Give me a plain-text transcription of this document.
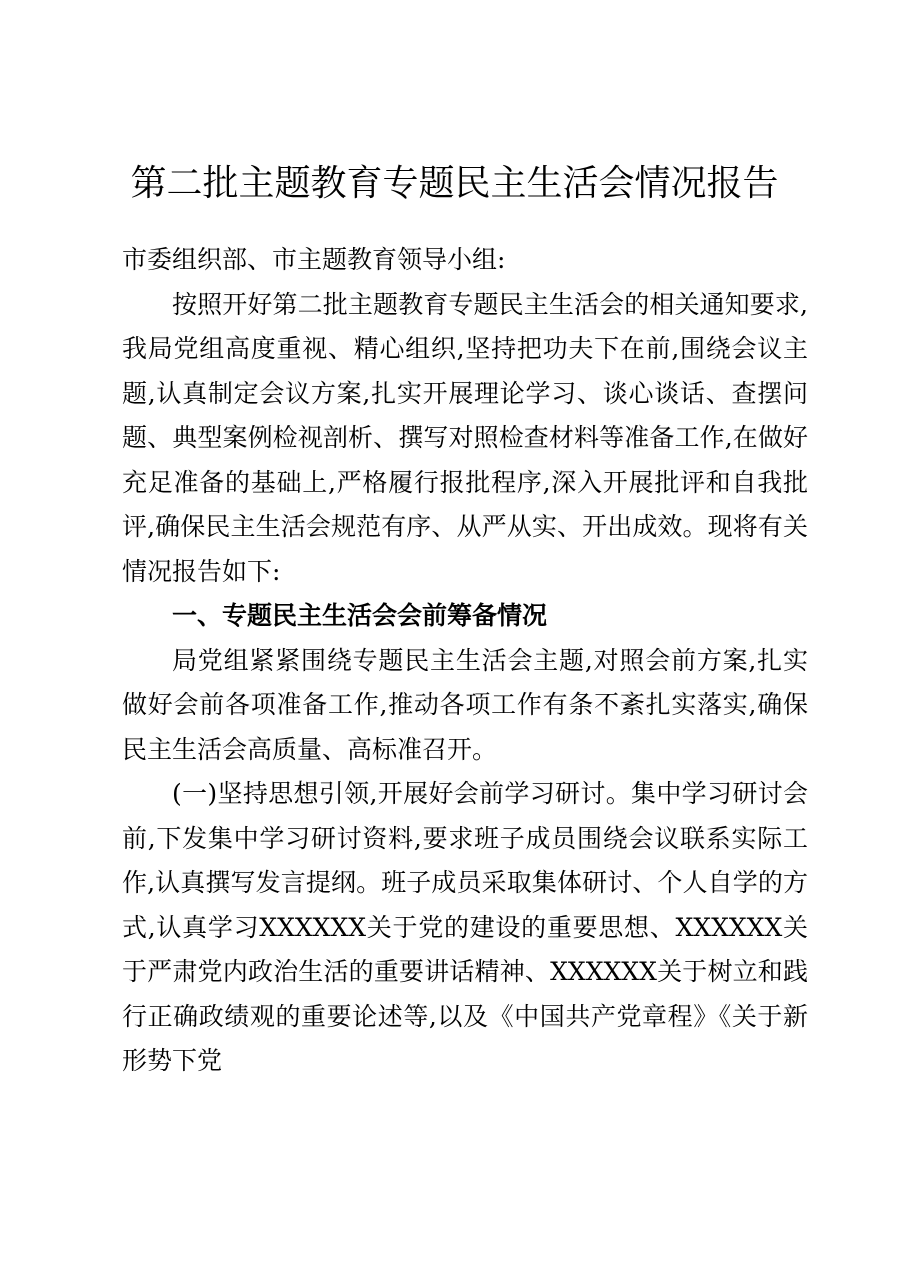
第二批主题教育专题民主生活会情况报告

市委组织部、市主题教育领导小组:

按照开好第二批主题教育专题民主生活会的相关通知要求,我局党组高度重视、精心组织,坚持把功夫下在前,围绕会议主题,认真制定会议方案,扎实开展理论学习、谈心谈话、查摆问题、典型案例检视剖析、撰写对照检查材料等准备工作,在做好充足准备的基础上,严格履行报批程序,深入开展批评和自我批评,确保民主生活会规范有序、从严从实、开出成效。现将有关情况报告如下:

一、专题民主生活会会前筹备情况

局党组紧紧围绕专题民主生活会主题,对照会前方案,扎实做好会前各项准备工作,推动各项工作有条不紊扎实落实,确保民主生活会高质量、高标准召开。

(一)坚持思想引领,开展好会前学习研讨。集中学习研讨会前,下发集中学习研讨资料,要求班子成员围绕会议联系实际工作,认真撰写发言提纲。班子成员采取集体研讨、个人自学的方式,认真学习XXXXXX关于党的建设的重要思想、XXXXXX关于严肃党内政治生活的重要讲话精神、XXXXXX关于树立和践行正确政绩观的重要论述等,以及《中国共产党章程》《关于新形势下党
